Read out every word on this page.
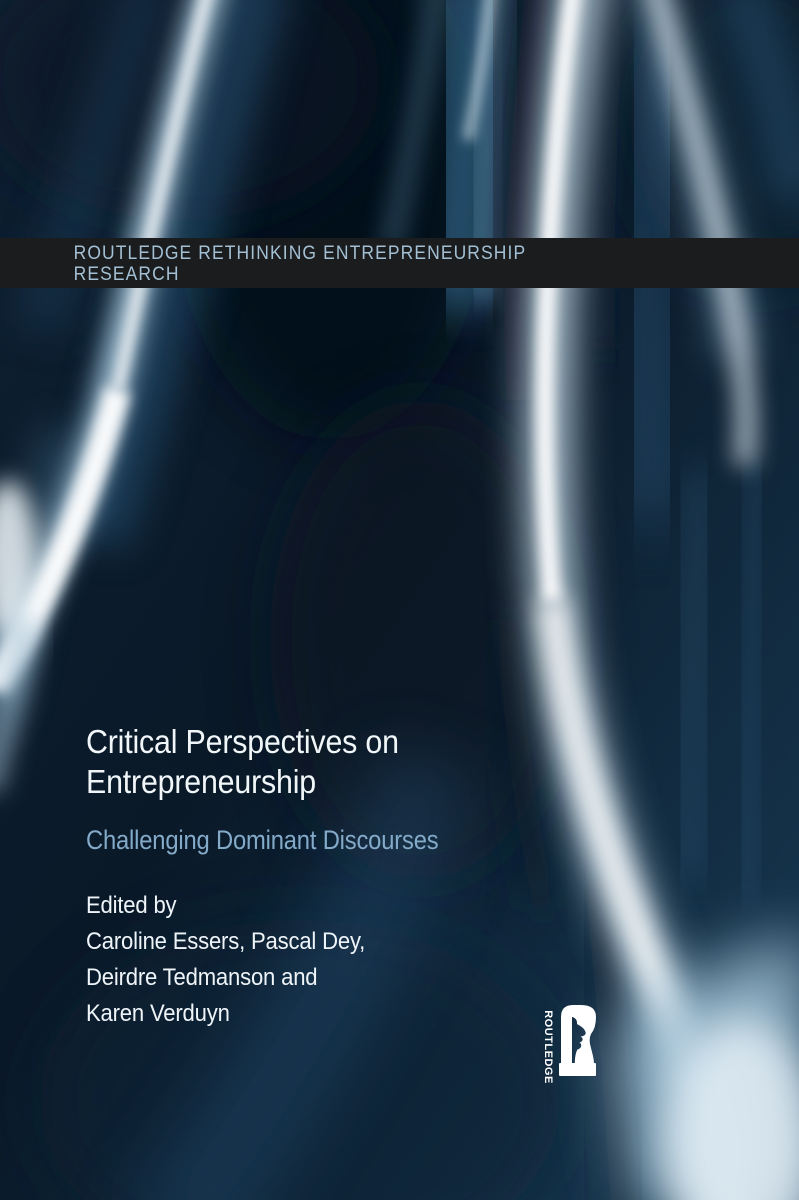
ROUTLEDGE RETHINKING ENTREPRENEURSHIP
RESEARCH
Critical Perspectives on
Entrepreneurship
Challenging Dominant Discourses
Edited by
Caroline Essers, Pascal Dey,
Deirdre Tedmanson and
Karen Verduyn	ROUTLEDGE
